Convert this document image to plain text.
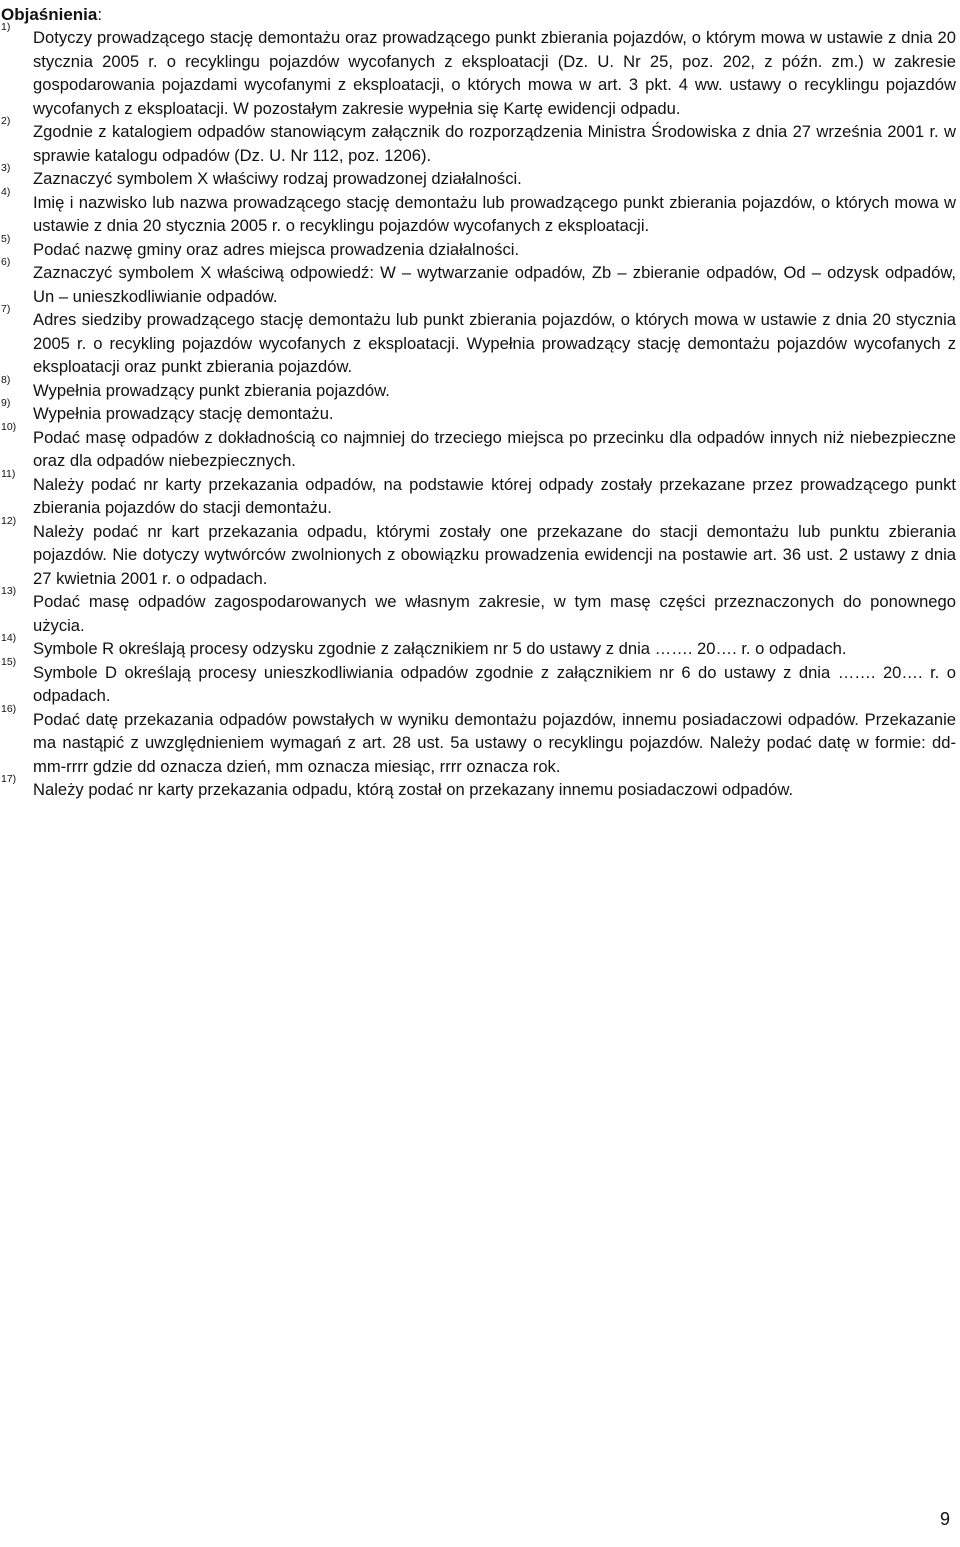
Objaśnienia:
1)
Dotyczy prowadzącego stację demontażu oraz prowadzącego punkt zbierania pojazdów, o którym mowa w ustawie z dnia 20 stycznia 2005 r. o recyklingu pojazdów wycofanych z eksploatacji (Dz. U. Nr 25, poz. 202, z późn. zm.) w zakresie gospodarowania pojazdami wycofanymi z eksploatacji, o których mowa w art. 3 pkt. 4 ww. ustawy o recyklingu pojazdów wycofanych z eksploatacji. W pozostałym zakresie wypełnia się Kartę ewidencji odpadu.
2)
Zgodnie z katalogiem odpadów stanowiącym załącznik do rozporządzenia Ministra Środowiska z dnia 27 września 2001 r. w sprawie katalogu odpadów (Dz. U. Nr 112, poz. 1206).
3)
Zaznaczyć symbolem X właściwy rodzaj prowadzonej działalności.
4)
Imię i nazwisko lub nazwa prowadzącego stację demontażu lub prowadzącego punkt zbierania pojazdów, o których mowa w ustawie z dnia 20 stycznia 2005 r. o recyklingu pojazdów wycofanych z eksploatacji.
5)
Podać nazwę gminy oraz adres miejsca prowadzenia działalności.
6)
Zaznaczyć symbolem X właściwą odpowiedź: W – wytwarzanie odpadów, Zb – zbieranie odpadów, Od – odzysk odpadów, Un – unieszkodliwianie odpadów.
7)
Adres siedziby prowadzącego stację demontażu lub punkt zbierania pojazdów, o których mowa w ustawie z dnia 20 stycznia 2005 r. o recykling pojazdów wycofanych z eksploatacji. Wypełnia prowadzący stację demontażu pojazdów wycofanych z eksploatacji oraz punkt zbierania pojazdów.
8)
Wypełnia prowadzący punkt zbierania pojazdów.
9)
Wypełnia prowadzący stację demontażu.
10)
Podać masę odpadów z dokładnością co najmniej do trzeciego miejsca po przecinku dla odpadów innych niż niebezpieczne oraz dla odpadów niebezpiecznych.
11)
Należy podać nr karty przekazania odpadów, na podstawie której odpady zostały przekazane przez prowadzącego punkt zbierania pojazdów do stacji demontażu.
12)
Należy podać nr kart przekazania odpadu, którymi zostały one przekazane do stacji demontażu lub punktu zbierania pojazdów. Nie dotyczy wytwórców zwolnionych z obowiązku prowadzenia ewidencji na postawie art. 36 ust. 2 ustawy z dnia 27 kwietnia 2001 r. o odpadach.
13)
Podać masę odpadów zagospodarowanych we własnym zakresie, w tym masę części przeznaczonych do ponownego użycia.
14)
Symbole R określają procesy odzysku zgodnie z załącznikiem nr 5 do ustawy z dnia ……. 20…. r. o odpadach.
15)
Symbole D określają procesy unieszkodliwiania odpadów zgodnie z załącznikiem nr 6 do ustawy z dnia ……. 20…. r. o odpadach.
16)
Podać datę przekazania odpadów powstałych w wyniku demontażu pojazdów, innemu posiadaczowi odpadów. Przekazanie ma nastąpić z uwzględnieniem wymagań z art. 28 ust. 5a ustawy o recyklingu pojazdów. Należy podać datę w formie: dd-mm-rrrr gdzie dd oznacza dzień, mm oznacza miesiąc, rrrr oznacza rok.
17)
Należy podać nr karty przekazania odpadu, którą został on przekazany innemu posiadaczowi odpadów.
9
